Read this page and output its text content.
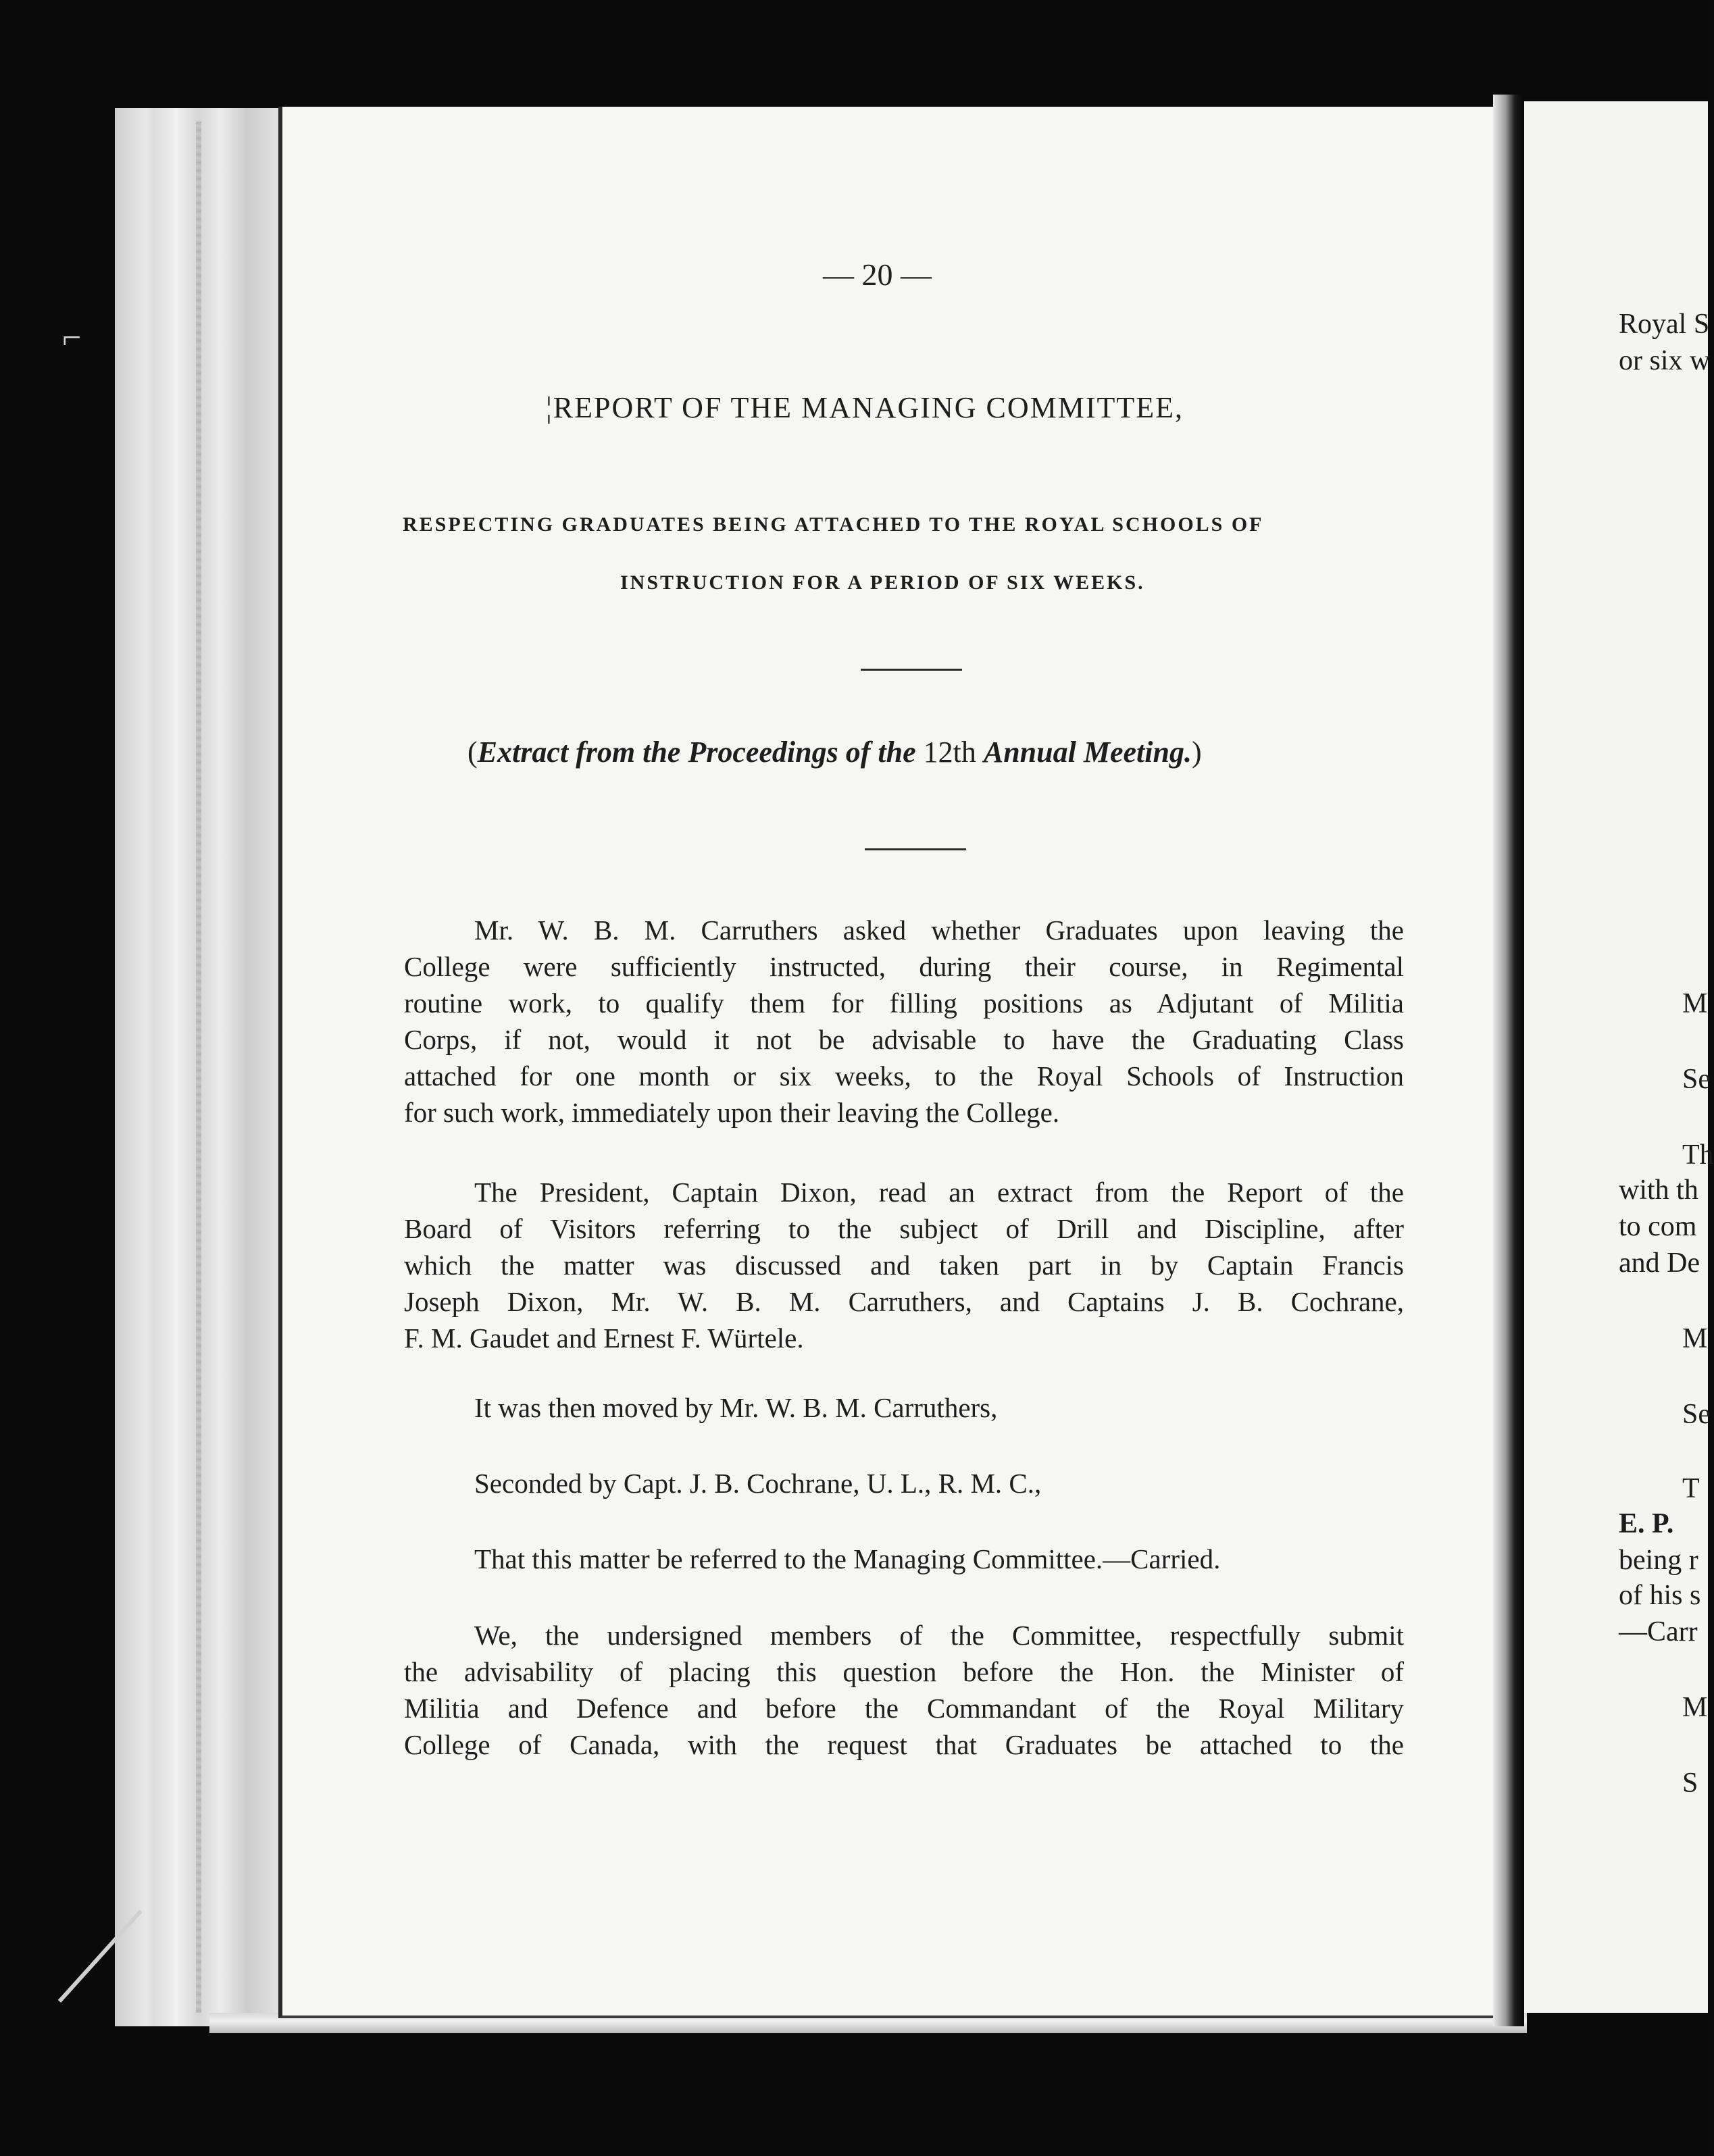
⌐
— 20 —
¦REPORT OF THE MANAGING COMMITTEE,
RESPECTING GRADUATES BEING ATTACHED TO THE ROYAL SCHOOLS OF
INSTRUCTION FOR A PERIOD OF SIX WEEKS.
(Extract from the Proceedings of the 12th Annual Meeting.)
Mr. W. B. M. Carruthers asked whether Graduates upon leaving the
College were sufficiently instructed, during their course, in Regimental
routine work, to qualify them for filling positions as Adjutant of Militia
Corps, if not, would it not be advisable to have the Graduating Class
attached for one month or six weeks, to the Royal Schools of Instruction
for such work, immediately upon their leaving the College.
The President, Captain Dixon, read an extract from the Report of the
Board of Visitors referring to the subject of Drill and Discipline, after
which the matter was discussed and taken part in by Captain Francis
Joseph Dixon, Mr. W. B. M. Carruthers, and Captains J. B. Cochrane,
F. M. Gaudet and Ernest F. Würtele.
It was then moved by Mr. W. B. M. Carruthers,
Seconded by Capt. J. B. Cochrane, U. L., R. M. C.,
That this matter be referred to the Managing Committee.—Carried.
We, the undersigned members of the Committee, respectfully submit
the advisability of placing this question before the Hon. the Minister of
Militia and Defence and before the Commandant of the Royal Military
College of Canada, with the request that Graduates be attached to the
Royal S
or six w
M
Se
Th
with th
to com
and De
M
Se
T
E. P.
being r
of his s
—Carr
M
S
